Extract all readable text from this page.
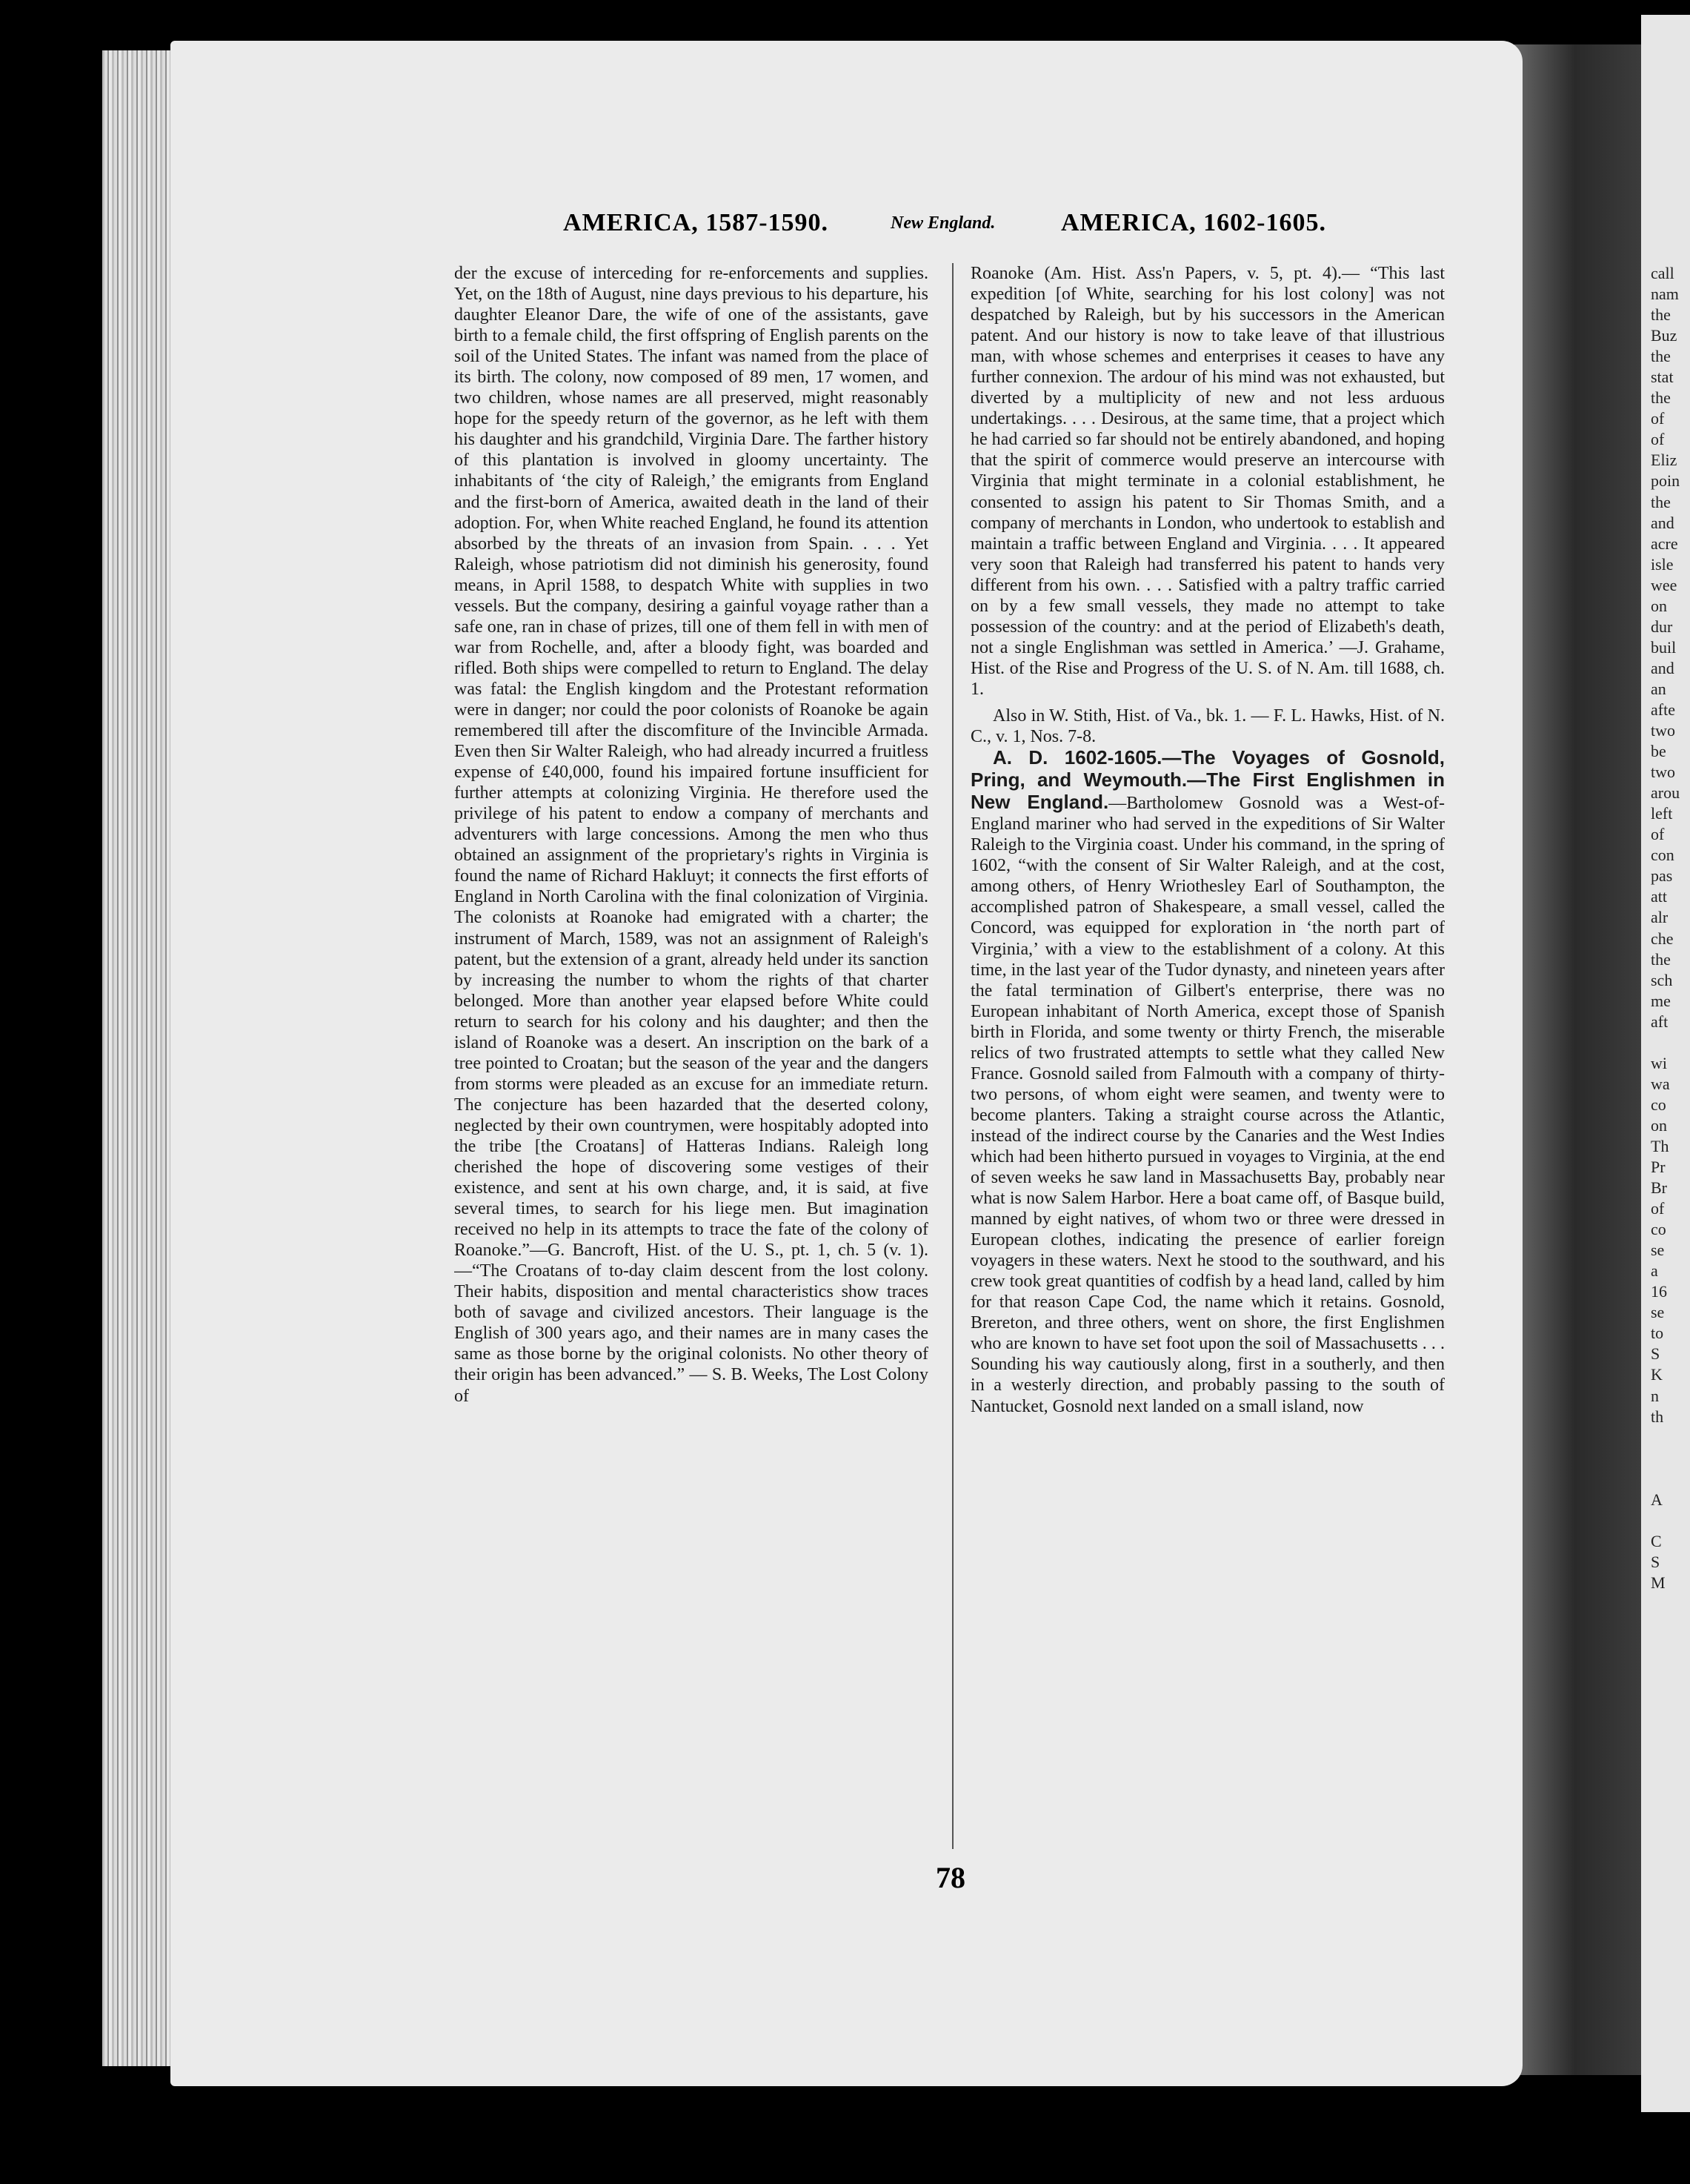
call
nam
the
Buz
the
stat
the
of
of
Eliz
poin
the
and
acre
isle
wee
on
dur
buil
and
an
afte
two
be
two
arou
left
of
con
pas
att
alr
che
the
sch
me
aft
wi
wa
co
on
Th
Pr
Br
of
co
se
a
16
se
to
S
K
n
th
A
C
S
M
AMERICA, 1587-1590.	New England.	AMERICA, 1602-1605.

der the excuse of interceding for re-enforcements and supplies. Yet, on the 18th of August, nine days previous to his departure, his daughter Eleanor Dare, the wife of one of the assistants, gave birth to a female child, the first offspring of English parents on the soil of the United States. The infant was named from the place of its birth. The colony, now composed of 89 men, 17 women, and two children, whose names are all preserved, might reasonably hope for the speedy return of the governor, as he left with them his daughter and his grandchild, Virginia Dare. The farther history of this plantation is involved in gloomy uncertainty. The inhabitants of ‘the city of Raleigh,’ the emigrants from England and the first-born of America, awaited death in the land of their adoption. For, when White reached England, he found its attention absorbed by the threats of an invasion from Spain. . . . Yet Raleigh, whose patriotism did not diminish his generosity, found means, in April 1588, to despatch White with supplies in two vessels. But the company, desiring a gainful voyage rather than a safe one, ran in chase of prizes, till one of them fell in with men of war from Rochelle, and, after a bloody fight, was boarded and rifled. Both ships were compelled to return to England. The delay was fatal: the English kingdom and the Protestant reformation were in danger; nor could the poor colonists of Roanoke be again remembered till after the discomfiture of the Invincible Armada. Even then Sir Walter Raleigh, who had already incurred a fruitless expense of £40,000, found his impaired fortune insufficient for further attempts at colonizing Virginia. He therefore used the privilege of his patent to endow a company of merchants and adventurers with large concessions. Among the men who thus obtained an assignment of the proprietary's rights in Virginia is found the name of Richard Hakluyt; it connects the first efforts of England in North Carolina with the final colonization of Virginia. The colonists at Roanoke had emigrated with a charter; the instrument of March, 1589, was not an assignment of Raleigh's patent, but the extension of a grant, already held under its sanction by increasing the number to whom the rights of that charter belonged. More than another year elapsed before White could return to search for his colony and his daughter; and then the island of Roanoke was a desert. An inscription on the bark of a tree pointed to Croatan; but the season of the year and the dangers from storms were pleaded as an excuse for an immediate return. The conjecture has been hazarded that the deserted colony, neglected by their own countrymen, were hospitably adopted into the tribe [the Croatans] of Hatteras Indians. Raleigh long cherished the hope of discovering some vestiges of their existence, and sent at his own charge, and, it is said, at five several times, to search for his liege men. But imagination received no help in its attempts to trace the fate of the colony of Roanoke.”—G. Bancroft, Hist. of the U. S., pt. 1, ch. 5 (v. 1).—“The Croatans of to-day claim descent from the lost colony. Their habits, disposition and mental characteristics show traces both of savage and civilized ancestors. Their language is the English of 300 years ago, and their names are in many cases the same as those borne by the original colonists. No other theory of their origin has been advanced.” — S. B. Weeks, The Lost Colony of

Roanoke (Am. Hist. Ass'n Papers, v. 5, pt. 4).— “This last expedition [of White, searching for his lost colony] was not despatched by Raleigh, but by his successors in the American patent. And our history is now to take leave of that illustrious man, with whose schemes and enterprises it ceases to have any further connexion. The ardour of his mind was not exhausted, but diverted by a multiplicity of new and not less arduous undertakings. . . . Desirous, at the same time, that a project which he had carried so far should not be entirely abandoned, and hoping that the spirit of commerce would preserve an intercourse with Virginia that might terminate in a colonial establishment, he consented to assign his patent to Sir Thomas Smith, and a company of merchants in London, who undertook to establish and maintain a traffic between England and Virginia. . . . It appeared very soon that Raleigh had transferred his patent to hands very different from his own. . . . Satisfied with a paltry traffic carried on by a few small vessels, they made no attempt to take possession of the country: and at the period of Elizabeth's death, not a single Englishman was settled in America.’ —J. Grahame, Hist. of the Rise and Progress of the U. S. of N. Am. till 1688, ch. 1.

Also in W. Stith, Hist. of Va., bk. 1. — F. L. Hawks, Hist. of N. C., v. 1, Nos. 7-8.

A. D. 1602-1605.—The Voyages of Gosnold, Pring, and Weymouth.—The First Englishmen in New England.—Bartholomew Gosnold was a West-of-England mariner who had served in the expeditions of Sir Walter Raleigh to the Virginia coast. Under his command, in the spring of 1602, “with the consent of Sir Walter Raleigh, and at the cost, among others, of Henry Wriothesley Earl of Southampton, the accomplished patron of Shakespeare, a small vessel, called the Concord, was equipped for exploration in ‘the north part of Virginia,’ with a view to the establishment of a colony. At this time, in the last year of the Tudor dynasty, and nineteen years after the fatal termination of Gilbert's enterprise, there was no European inhabitant of North America, except those of Spanish birth in Florida, and some twenty or thirty French, the miserable relics of two frustrated attempts to settle what they called New France. Gosnold sailed from Falmouth with a company of thirty-two persons, of whom eight were seamen, and twenty were to become planters. Taking a straight course across the Atlantic, instead of the indirect course by the Canaries and the West Indies which had been hitherto pursued in voyages to Virginia, at the end of seven weeks he saw land in Massachusetts Bay, probably near what is now Salem Harbor. Here a boat came off, of Basque build, manned by eight natives, of whom two or three were dressed in European clothes, indicating the presence of earlier foreign voyagers in these waters. Next he stood to the southward, and his crew took great quantities of codfish by a head land, called by him for that reason Cape Cod, the name which it retains. Gosnold, Brereton, and three others, went on shore, the first Englishmen who are known to have set foot upon the soil of Massachusetts . . . Sounding his way cautiously along, first in a southerly, and then in a westerly direction, and probably passing to the south of Nantucket, Gosnold next landed on a small island, now

78
